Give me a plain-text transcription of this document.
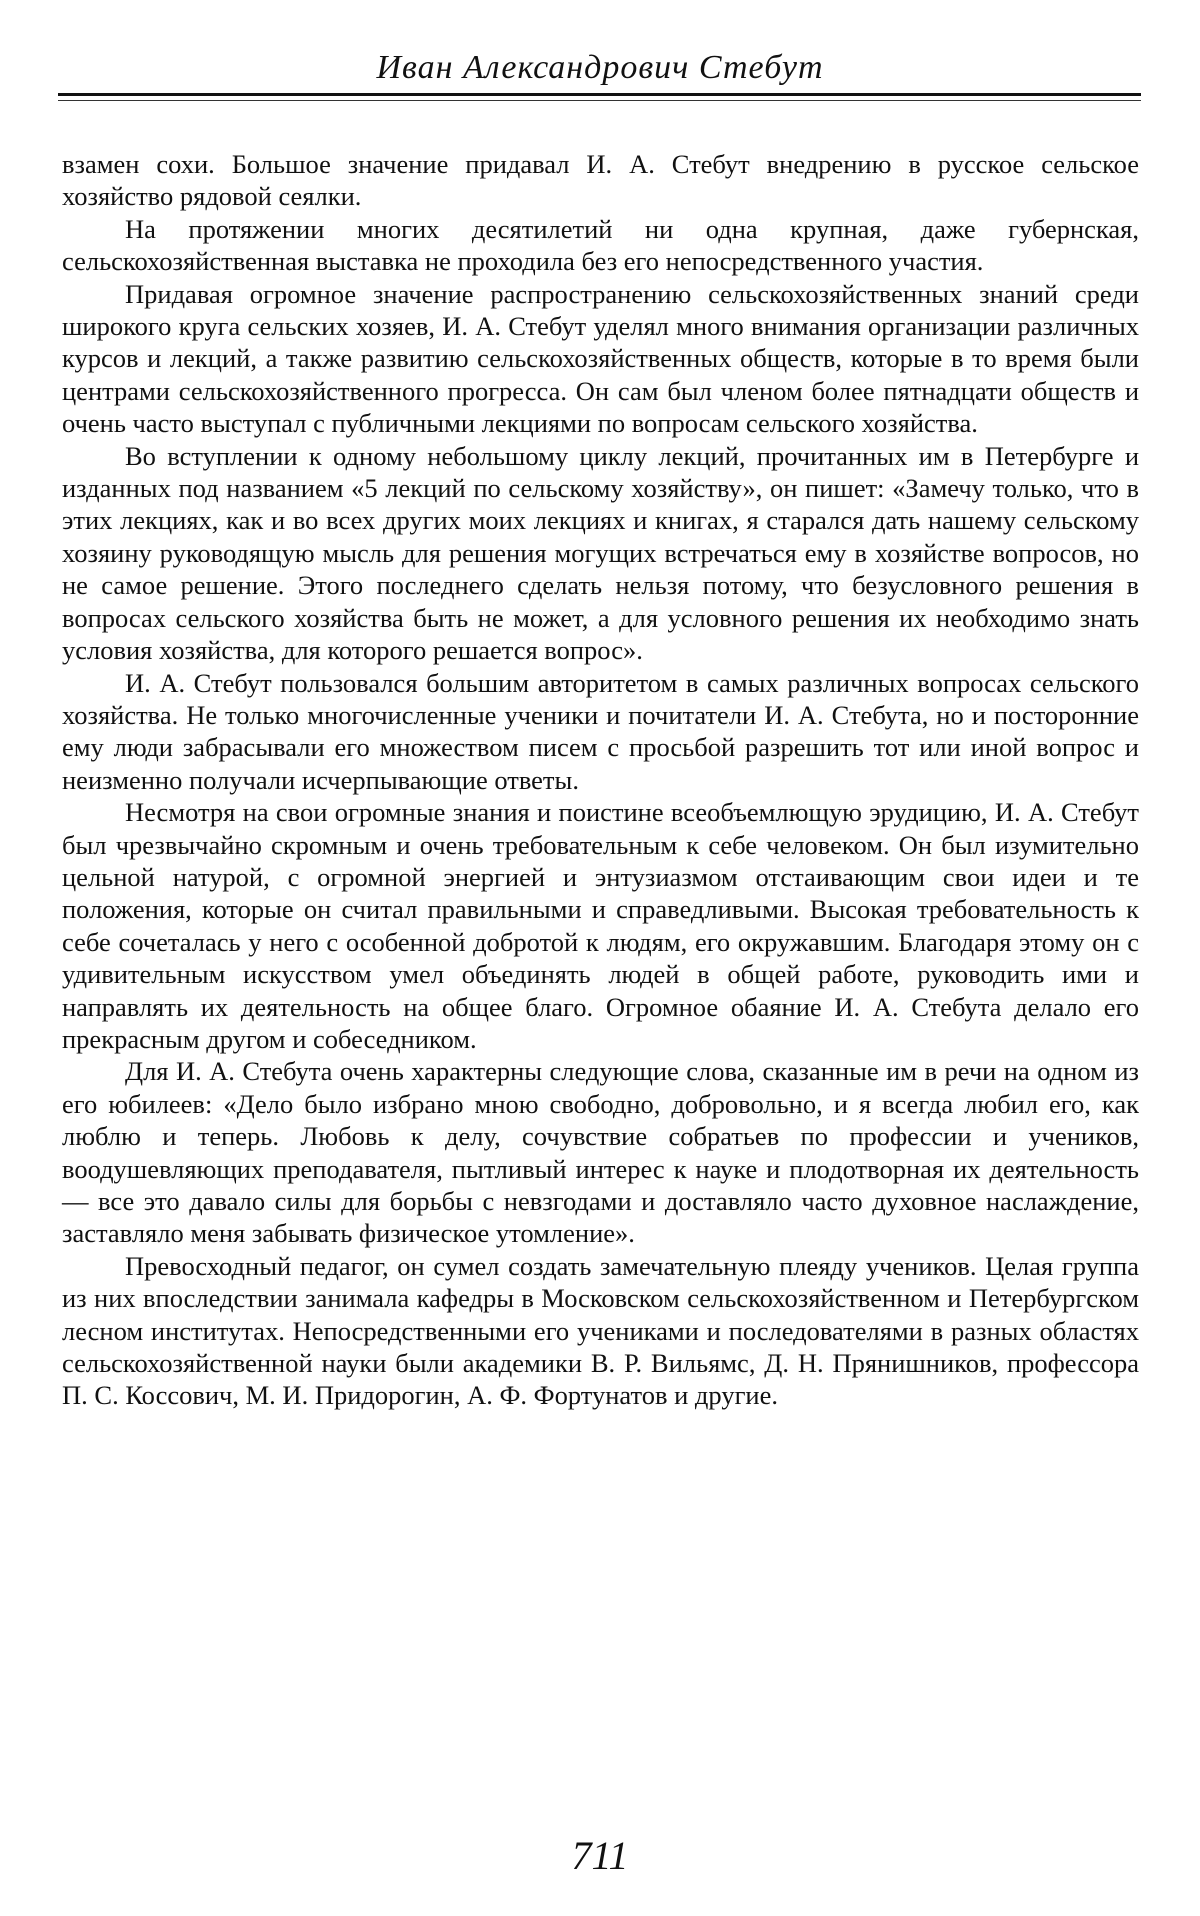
Иван Александрович Стебут

взамен сохи. Большое значение придавал И. А. Стебут внедрению в русское сельское хозяйство рядовой сеялки.

На протяжении многих десятилетий ни одна крупная, даже губернская, сельскохозяйственная выставка не проходила без его непосредственного участия.

Придавая огромное значение распространению сельскохозяйственных знаний среди широкого круга сельских хозяев, И. А. Стебут уделял много внимания организации различных курсов и лекций, а также развитию сельскохозяйственных обществ, которые в то время были центрами сельскохозяйственного прогресса. Он сам был членом более пятнадцати обществ и очень часто выступал с публичными лекциями по вопросам сельского хозяйства.

Во вступлении к одному небольшому циклу лекций, прочитанных им в Петербурге и изданных под названием «5 лекций по сельскому хозяйству», он пишет: «Замечу только, что в этих лекциях, как и во всех других моих лекциях и книгах, я старался дать нашему сельскому хозяину руководящую мысль для решения могущих встречаться ему в хозяйстве вопросов, но не самое решение. Этого последнего сделать нельзя потому, что безусловного решения в вопросах сельского хозяйства быть не может, а для условного решения их необходимо знать условия хозяйства, для которого решается вопрос».

И. А. Стебут пользовался большим авторитетом в самых различных вопросах сельского хозяйства. Не только многочисленные ученики и почитатели И. А. Стебута, но и посторонние ему люди забрасывали его множеством писем с просьбой разрешить тот или иной вопрос и неизменно получали исчерпывающие ответы.

Несмотря на свои огромные знания и поистине всеобъемлющую эрудицию, И. А. Стебут был чрезвычайно скромным и очень требовательным к себе человеком. Он был изумительно цельной натурой, с огромной энергией и энтузиазмом отстаивающим свои идеи и те положения, которые он считал правильными и справедливыми. Высокая требовательность к себе сочеталась у него с особенной добротой к людям, его окружавшим. Благодаря этому он с удивительным искусством умел объединять людей в общей работе, руководить ими и направлять их деятельность на общее благо. Огромное обаяние И. А. Стебута делало его прекрасным другом и собеседником.

Для И. А. Стебута очень характерны следующие слова, сказанные им в речи на одном из его юбилеев: «Дело было избрано мною свободно, добровольно, и я всегда любил его, как люблю и теперь. Любовь к делу, сочувствие собратьев по профессии и учеников, воодушевляющих преподавателя, пытливый интерес к науке и плодотворная их деятельность — все это давало силы для борьбы с невзгодами и доставляло часто духовное наслаждение, заставляло меня забывать физическое утомление».

Превосходный педагог, он сумел создать замечательную плеяду учеников. Целая группа из них впоследствии занимала кафедры в Московском сельскохозяйственном и Петербургском лесном институтах. Непосредственными его учениками и последователями в разных областях сельскохозяйственной науки были академики В. Р. Вильямс, Д. Н. Прянишников, профессора П. С. Коссович, М. И. Придорогин, А. Ф. Фортунатов и другие.

711
